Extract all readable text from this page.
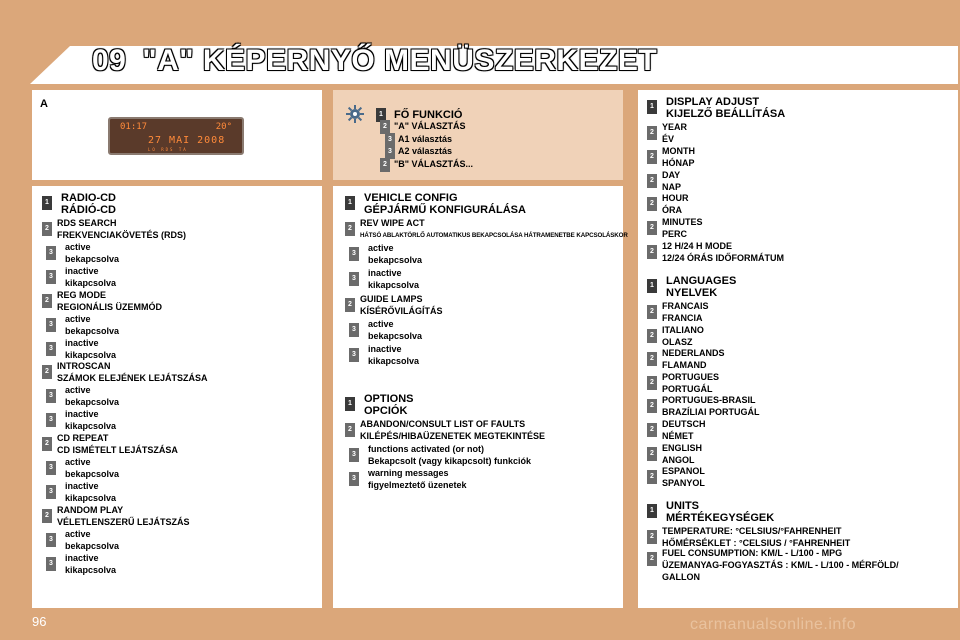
09 "A" KÉPERNYŐ MENÜSZERKEZET
A
01:17	20°
27 MAI 2008
LO RDS TA
1 FŐ FUNKCIÓ
2 "A" VÁLASZTÁS
3 A1 választás
3 A2 választás
2 "B" VÁLASZTÁS...
1 RADIO-CD
RÁDIÓ-CD
2
RDS SEARCH
FREKVENCIAKÖVETÉS (RDS)
3
active
bekapcsolva
3
inactive
kikapcsolva
2
REG MODE
REGIONÁLIS ÜZEMMÓD
3
active
bekapcsolva
3
inactive
kikapcsolva
2
INTROSCAN
SZÁMOK ELEJÉNEK LEJÁTSZÁSA
3
active
bekapcsolva
3
inactive
kikapcsolva
2
CD REPEAT
CD ISMÉTELT LEJÁTSZÁSA
3
active
bekapcsolva
3
inactive
kikapcsolva
2
RANDOM PLAY
VÉLETLENSZERŰ LEJÁTSZÁS
3
active
bekapcsolva
3
inactive
kikapcsolva
1 VEHICLE CONFIG
GÉPJÁRMŰ KONFIGURÁLÁSA
2
REV WIPE ACT
HÁTSÓ ABLAKTÖRLŐ AUTOMATIKUS BEKAPCSOLÁSA HÁTRAMENETBE KAPCSOLÁSKOR
3
active
bekapcsolva
3
inactive
kikapcsolva
2
GUIDE LAMPS
KÍSÉRŐVILÁGÍTÁS
3
active
bekapcsolva
3
inactive
kikapcsolva
1 OPTIONS
OPCIÓK
2
ABANDON/CONSULT LIST OF FAULTS
KILÉPÉS/HIBAÜZENETEK MEGTEKINTÉSE
3
functions activated (or not)
Bekapcsolt (vagy kikapcsolt) funkciók
3
warning messages
figyelmeztető üzenetek
1 DISPLAY ADJUST
KIJELZŐ BEÁLLÍTÁSA
2
YEAR
ÉV
2
MONTH
HÓNAP
2
DAY
NAP
2
HOUR
ÓRA
2
MINUTES
PERC
2
12 H/24 H MODE
12/24 ÓRÁS IDŐFORMÁTUM
1 LANGUAGES
NYELVEK
2
FRANCAIS
FRANCIA
2
ITALIANO
OLASZ
2
NEDERLANDS
FLAMAND
2
PORTUGUES
PORTUGÁL
2
PORTUGUES-BRASIL
BRAZÍLIAI PORTUGÁL
2
DEUTSCH
NÉMET
2
ENGLISH
ANGOL
2
ESPANOL
SPANYOL
1 UNITS
MÉRTÉKEGYSÉGEK
2
TEMPERATURE: °CELSIUS/°FAHRENHEIT
HŐMÉRSÉKLET : °CELSIUS / °FAHRENHEIT
2
FUEL CONSUMPTION: KM/L - L/100 - MPG
ÜZEMANYAG-FOGYASZTÁS : KM/L - L/100 - MÉRFÖLD/
GALLON
96	carmanualsonline.info
